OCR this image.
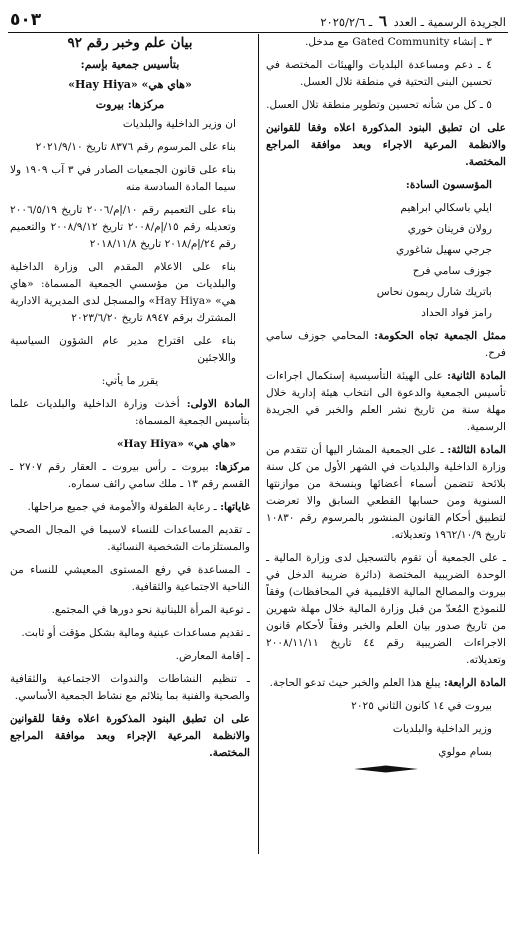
٥٠٣	الجريدة الرسمية ـ العدد ٦ ـ ٢٠٢٥/٢/٦

٣ ـ إنشاء Gated Community مع مدخل.

٤ ـ دعم ومساعدة البلديات والهيئات المختصة في تحسين البنى التحتية في منطقة تلال العسل.

٥ ـ كل من شأنه تحسين وتطوير منطقة تلال العسل.

على ان تطبق البنود المذكورة اعلاه وفقا للقوانين والانظمة المرعية الاجراء وبعد موافقة المراجع المختصة.

المؤسسون السادة:

ايلي باسكالي ابراهيم

رولان فرينان خوري

جرجي سهيل شاغوري

جوزف سامي فرح

باتريك شارل ريمون نحاس

رامز فواد الحداد

ممثل الجمعية تجاه الحكومة: المحامي جوزف سامي فرح.

المادة الثانية: على الهيئة التأسيسية إستكمال اجراءات تأسيس الجمعية والدعوة الى انتخاب هيئة إدارية خلال مهلة سنة من تاريخ نشر العلم والخبر في الجريدة الرسمية.

المادة الثالثة: ـ على الجمعية المشار اليها أن تتقدم من وزارة الداخلية والبلديات في الشهر الأول من كل سنة بلائحة تتضمن أسماء أعضائها وبنسخة من موازنتها السنوية ومن حسابها القطعي السابق والا تعرضت لتطبيق أحكام القانون المنشور بالمرسوم رقم ١٠٨٣٠ تاريخ ١٩٦٢/١٠/٩ وتعديلاته.

ـ على الجمعية أن تقوم بالتسجيل لدى وزارة المالية ـ الوحدة الضريبية المختصة (دائرة ضريبة الدخل في بيروت والمصالح المالية الاقليمية في المحافظات) وفقاً للنموذج المُعدّ من قبل وزارة المالية خلال مهلة شهرين من تاريخ صدور بيان العلم والخبر وفقاً لأحكام قانون الاجراءات الضريبية رقم ٤٤ تاريخ ٢٠٠٨/١١/١١ وتعديلاته.

المادة الرابعة: يبلغ هذا العلم والخبر حيث تدعو الحاجة.

بيروت في ١٤ كانون الثاني ٢٠٢٥

وزير الداخلية والبلديات

بسام مولوي

بيان علم وخبر رقم ٩٢

بتأسيس جمعية بإسم:

«هاي هي» «Hay Hiya»

مركزها: بيروت

ان وزير الداخلية والبلديات

بناء على المرسوم رقم ٨٣٧٦ تاريخ ٢٠٢١/٩/١٠

بناء على قانون الجمعيات الصادر في ٣ آب ١٩٠٩ ولا سيما المادة السادسة منه

بناء على التعميم رقم ١٠/إم/٢٠٠٦ تاريخ ٢٠٠٦/٥/١٩ وتعديله رقم ١٥/إم/٢٠٠٨ تاريخ ٢٠٠٨/٩/١٢ والتعميم رقم ٢٤/إم/٢٠١٨ تاريخ ٢٠١٨/١١/٨

بناء على الاعلام المقدم الى وزارة الداخلية والبلديات من مؤسسي الجمعية المسماة: «هاي هي» «Hay Hiya» والمسجل لدى المديرية الادارية المشترك برقم ٨٩٤٧ تاريخ ٢٠٢٣/٦/٢٠

بناء على اقتراح مدير عام الشؤون السياسية واللاجئين

يقرر ما يأتي:

المادة الاولى: أخذت وزارة الداخلية والبلديات علما بتأسيس الجمعية المسماة:

«هاي هي» «Hay Hiya»

مركزها: بيروت ـ رأس بيروت ـ العقار رقم ٢٧٠٧ ـ القسم رقم ١٣ ـ ملك سامي رائف سماره.

غاياتها: ـ رعاية الطفولة والأمومة في جميع مراحلها.

ـ تقديم المساعدات للنساء لاسيما في المجال الصحي والمستلزمات الشخصية النسائية.

ـ المساعدة في رفع المستوى المعيشي للنساء من الناحية الاجتماعية والثقافية.

ـ توعية المرأة اللبنانية نحو دورها في المجتمع.

ـ تقديم مساعدات عينية ومالية بشكل مؤقت أو ثابت.

ـ إقامة المعارض.

ـ تنظيم النشاطات والندوات الاجتماعية والثقافية والصحية والفنية بما يتلائم مع نشاط الجمعية الأساسي.

على ان تطبق البنود المذكورة اعلاه وفقا للقوانين والانظمة المرعية الإجراء وبعد موافقة المراجع المختصة.
